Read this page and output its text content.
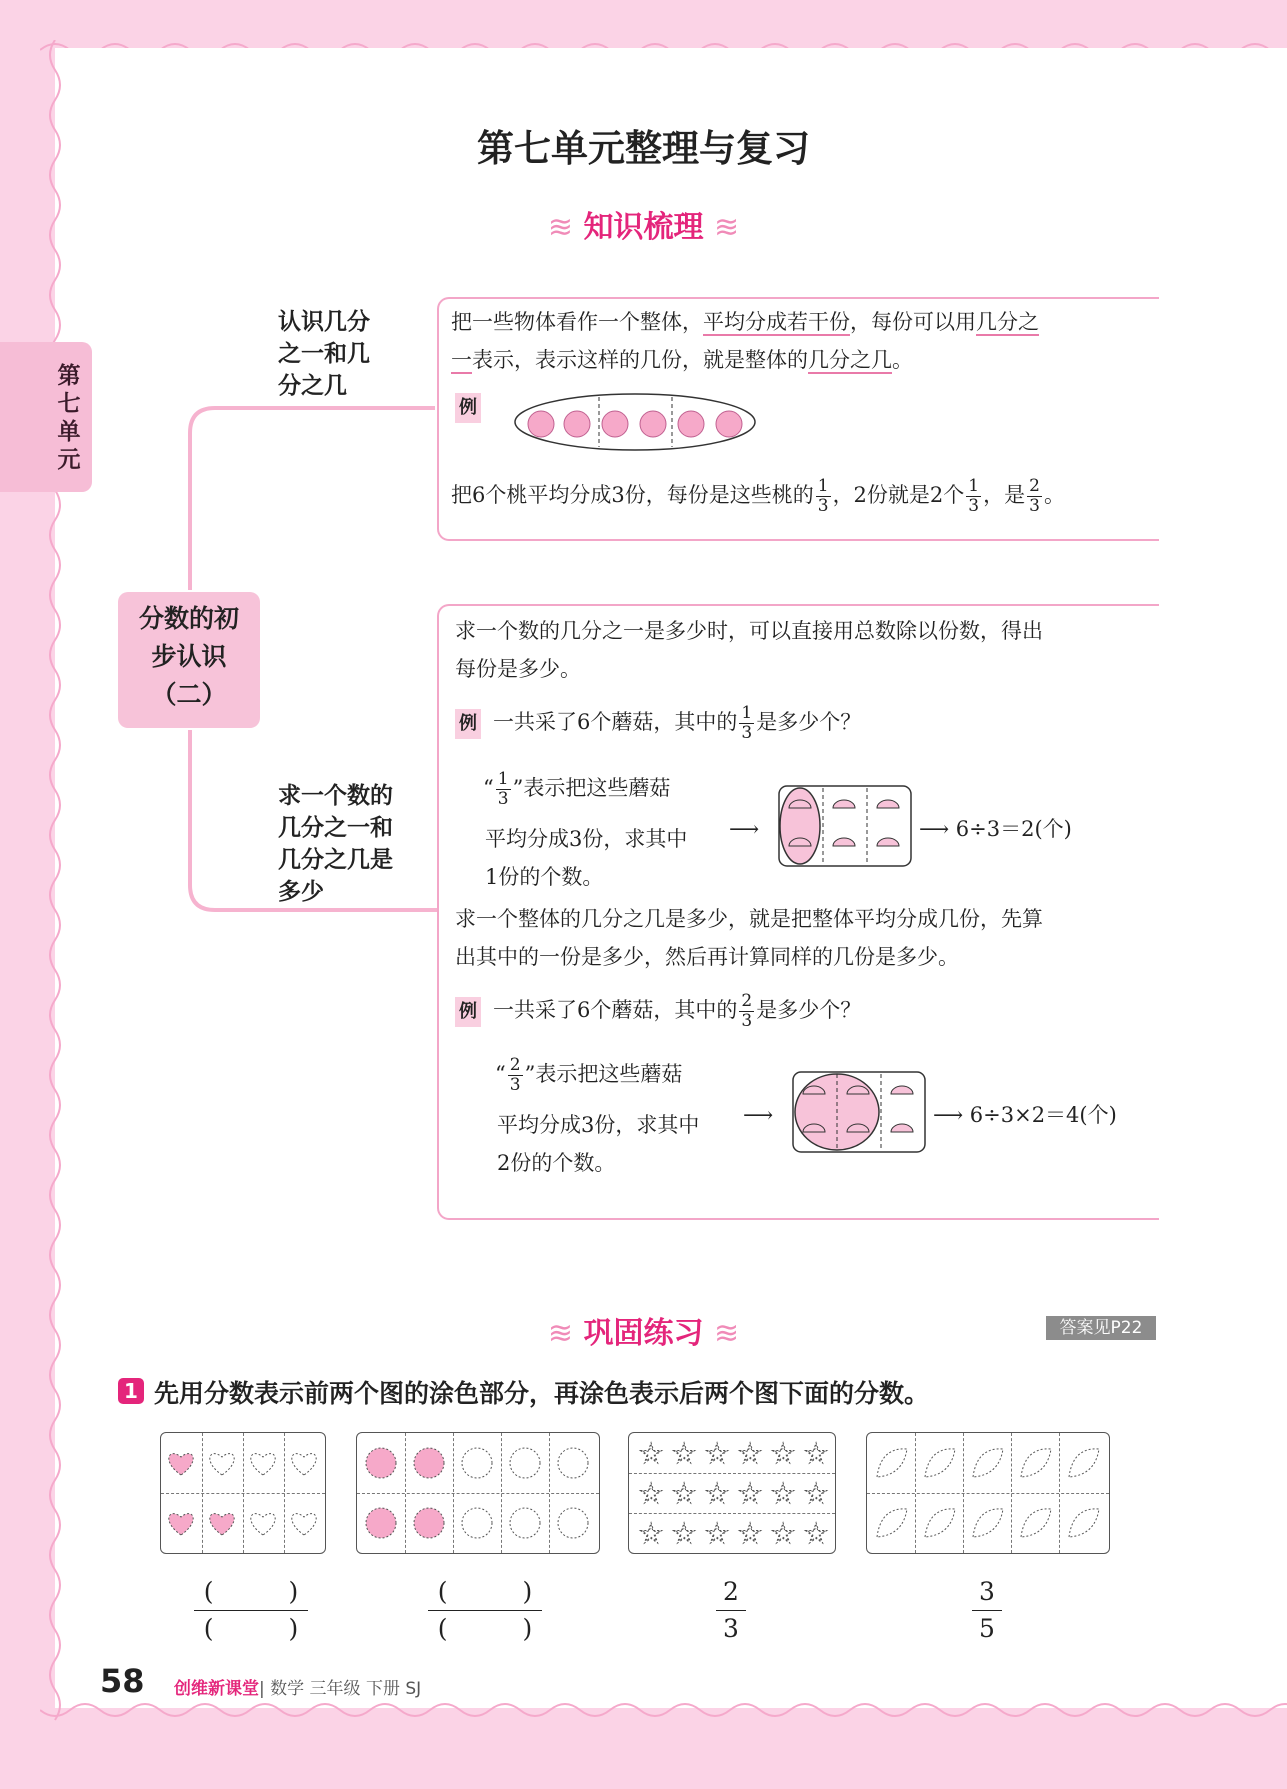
第七单元
第七单元整理与复习
≋ 知识梳理 ≋
认识几分
之一和几
分之几
求一个数的
几分之一和
几分之几是
多少
分数的初
步认识
（二）
把一些物体看作一个整体，平均分成若干份，每份可以用几分之
一表示，表示这样的几份，就是整体的几分之几。
例
把6个桃平均分成3份，每份是这些桃的 $\frac{1}{3}$ ，2份就是2个 $\frac{1}{3}$ ，是 $\frac{2}{3}$ 。
求一个数的几分之一是多少时，可以直接用总数除以份数，得出
每份是多少。
例 一共采了6个蘑菇，其中的 $\frac{1}{3}$ 是多少个？
“ $\frac{1}{3}$ ”表示把这些蘑菇
平均分成3份，求其中
1份的个数。
⟶	⟶ 6÷3＝2(个)
求一个整体的几分之几是多少，就是把整体平均分成几份，先算
出其中的一份是多少，然后再计算同样的几份是多少。
例 一共采了6个蘑菇，其中的 $\frac{2}{3}$ 是多少个？
“ $\frac{2}{3}$ ”表示把这些蘑菇
平均分成3份，求其中
2份的个数。
⟶	⟶ 6÷3×2＝4(个)
≋ 巩固练习 ≋	答案见P22
1 先用分数表示前两个图的涂色部分，再涂色表示后两个图下面的分数。
☆ ☆ ☆ ☆ ☆ ☆
☆ ☆ ☆ ☆ ☆ ☆
☆ ☆ ☆ ☆ ☆ ☆
(　　　)
(　　　)
(　　　)
(　　　)	$\frac{2}{3}$	$\frac{3}{5}$
58 创维新课堂| 数学 三年级 下册 SJ
